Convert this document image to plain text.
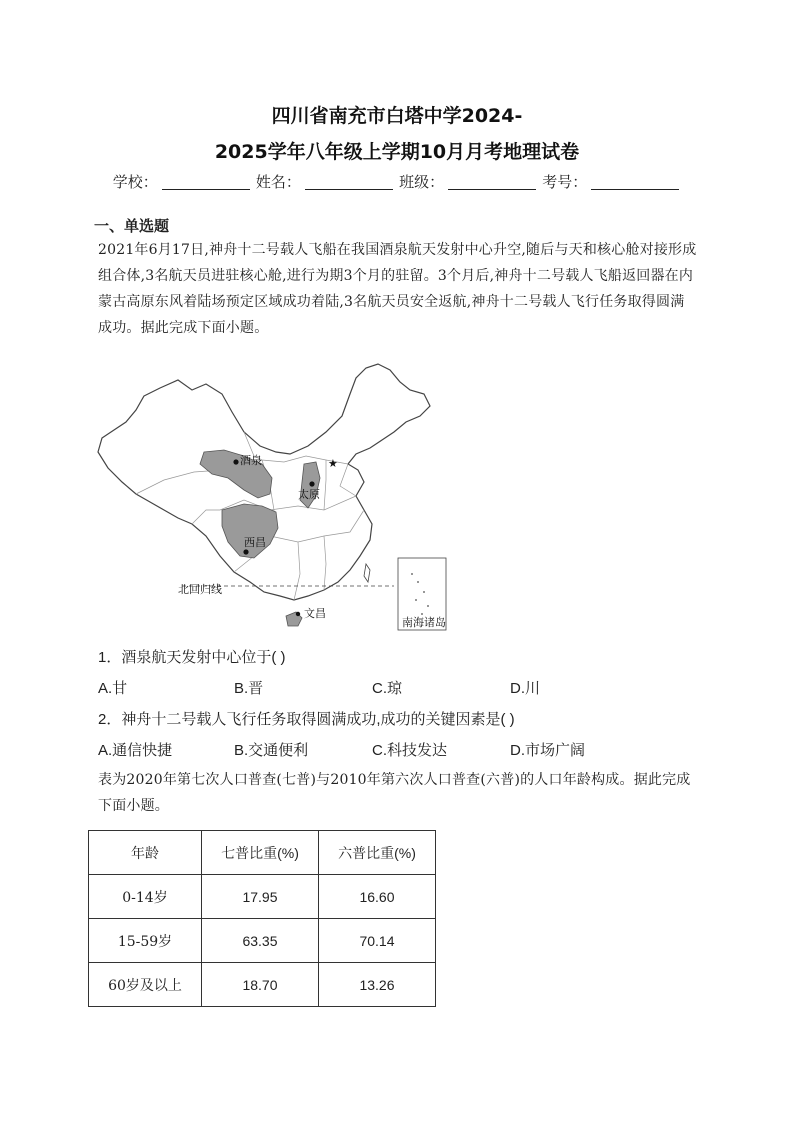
四川省南充市白塔中学2024-
2025学年八年级上学期10月月考地理试卷
学校：	姓名：	班级：	考号：
一、单选题
2021年6月17日,神舟十二号载人飞船在我国酒泉航天发射中心升空,随后与天和核心舱对接形成组合体,3名航天员进驻核心舱,进行为期3个月的驻留。3个月后,神舟十二号载人飞船返回器在内蒙古高原东风着陆场预定区域成功着陆,3名航天员安全返航,神舟十二号载人飞行任务取得圆满成功。据此完成下面小题。
北回归线
南海诸岛
酒泉	★
太原
西昌
文昌
1．酒泉航天发射中心位于( )
A.甘	B.晋	C.琼	D.川
2．神舟十二号载人飞行任务取得圆满成功,成功的关键因素是( )
A.通信快捷	B.交通便利	C.科技发达	D.市场广阔
表为2020年第七次人口普查(七普)与2010年第六次人口普查(六普)的人口年龄构成。据此完成下面小题。
年龄	七普比重(%)	六普比重(%)
0-14岁	17.95	16.60
15-59岁	63.35	70.14
60岁及以上	18.70	13.26
